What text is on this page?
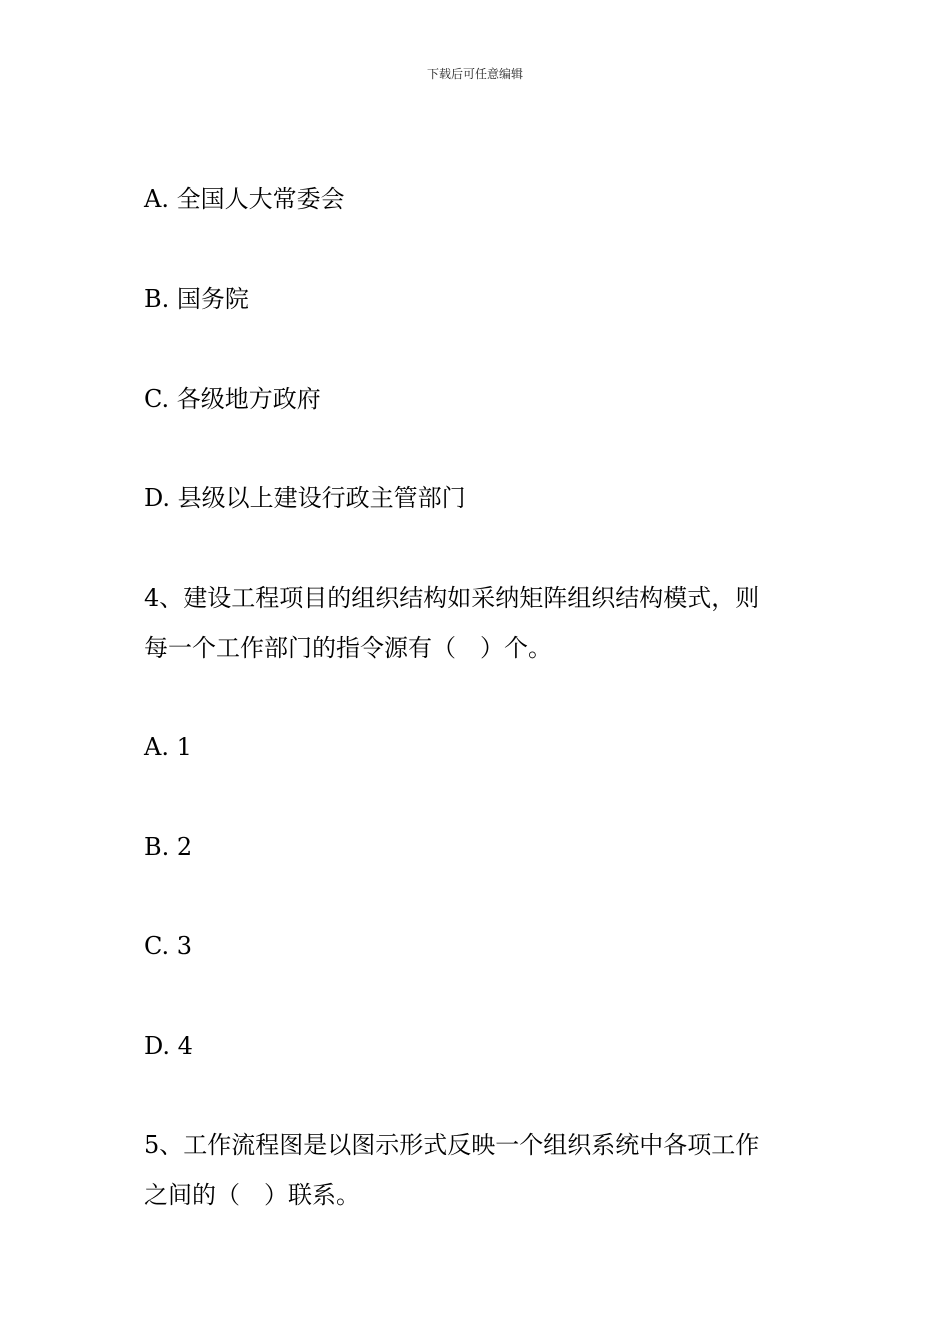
下载后可任意编辑
A. 全国人大常委会
B. 国务院
C. 各级地方政府
D. 县级以上建设行政主管部门
4、建设工程项目的组织结构如采纳矩阵组织结构模式，则
每一个工作部门的指令源有（　）个。
A. 1
B. 2
C. 3
D. 4
5、工作流程图是以图示形式反映一个组织系统中各项工作
之间的（　）联系。
